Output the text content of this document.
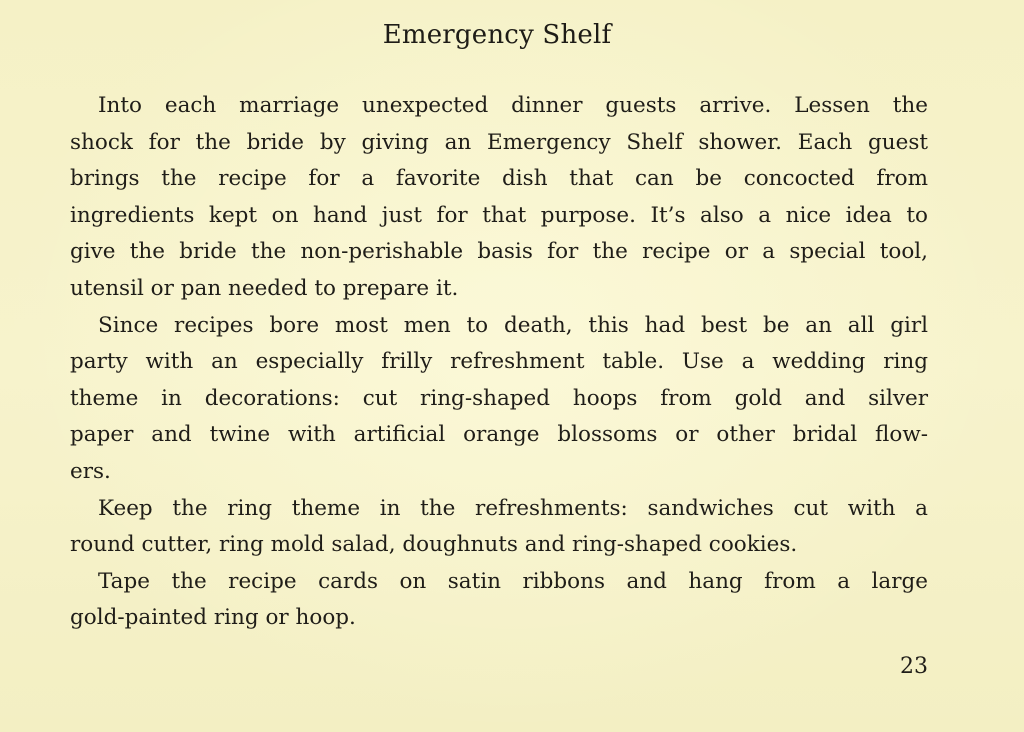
Emergency Shelf
Into each marriage unexpected dinner guests arrive. Lessen the
shock for the bride by giving an Emergency Shelf shower. Each guest
brings the recipe for a favorite dish that can be concocted from
ingredients kept on hand just for that purpose. It’s also a nice idea to
give the bride the non-perishable basis for the recipe or a special tool,
utensil or pan needed to prepare it.
Since recipes bore most men to death, this had best be an all girl
party with an especially frilly refreshment table. Use a wedding ring
theme in decorations: cut ring-shaped hoops from gold and silver
paper and twine with artificial orange blossoms or other bridal flow-
ers.
Keep the ring theme in the refreshments: sandwiches cut with a
round cutter, ring mold salad, doughnuts and ring-shaped cookies.
Tape the recipe cards on satin ribbons and hang from a large
gold-painted ring or hoop.
23
